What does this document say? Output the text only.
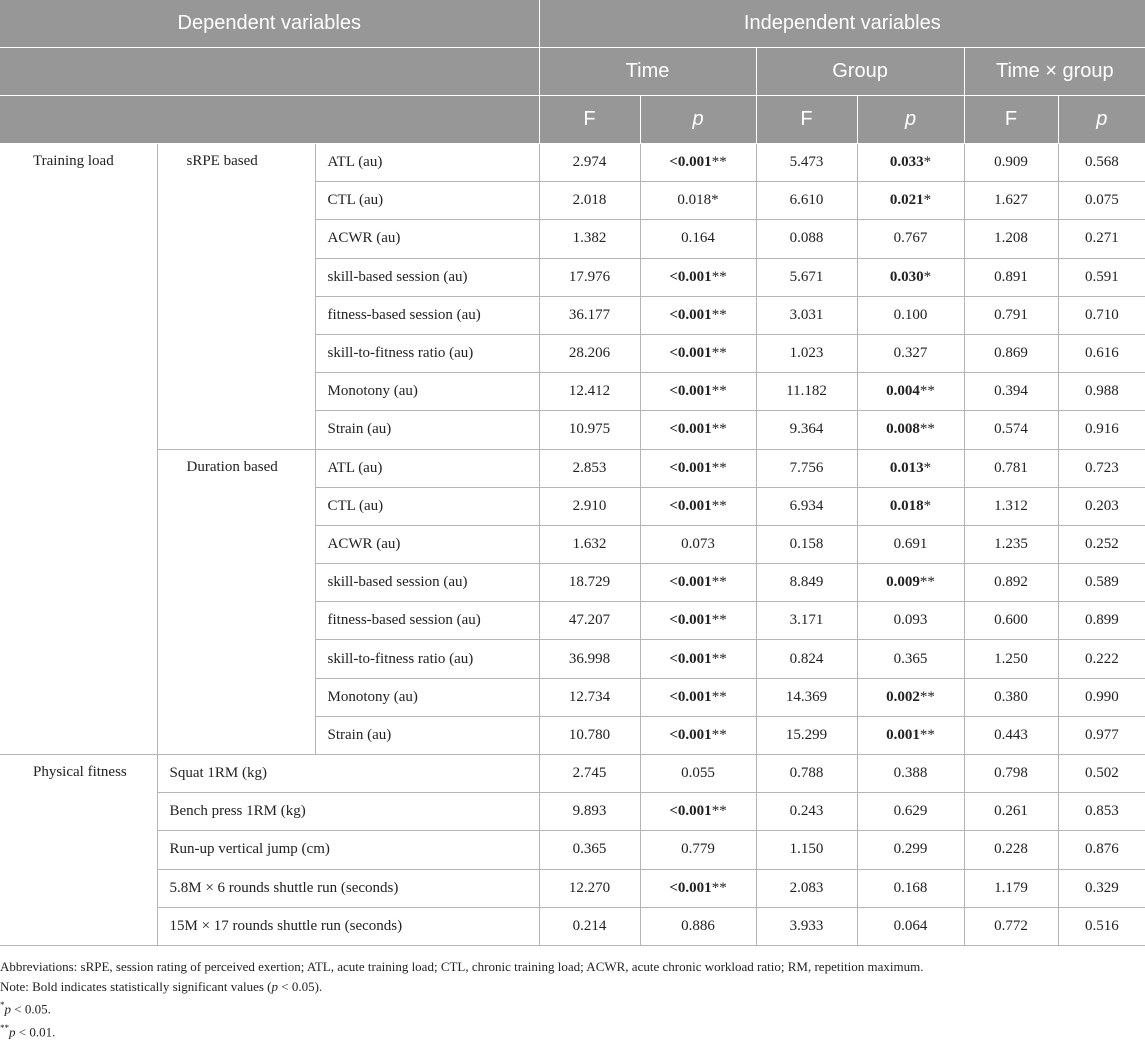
Dependent variables			Independent variables					
			Time		Group		Time × group	
			F	p	F	p	F	p
Training load	sRPE based	ATL (au)	2.974	<0.001**	5.473	0.033*	0.909	0.568
		CTL (au)	2.018	0.018*	6.610	0.021*	1.627	0.075
		ACWR (au)	1.382	0.164	0.088	0.767	1.208	0.271
		skill-based session (au)	17.976	<0.001**	5.671	0.030*	0.891	0.591
		fitness-based session (au)	36.177	<0.001**	3.031	0.100	0.791	0.710
		skill-to-fitness ratio (au)	28.206	<0.001**	1.023	0.327	0.869	0.616
		Monotony (au)	12.412	<0.001**	11.182	0.004**	0.394	0.988
		Strain (au)	10.975	<0.001**	9.364	0.008**	0.574	0.916
	Duration based	ATL (au)	2.853	<0.001**	7.756	0.013*	0.781	0.723
		CTL (au)	2.910	<0.001**	6.934	0.018*	1.312	0.203
		ACWR (au)	1.632	0.073	0.158	0.691	1.235	0.252
		skill-based session (au)	18.729	<0.001**	8.849	0.009**	0.892	0.589
		fitness-based session (au)	47.207	<0.001**	3.171	0.093	0.600	0.899
		skill-to-fitness ratio (au)	36.998	<0.001**	0.824	0.365	1.250	0.222
		Monotony (au)	12.734	<0.001**	14.369	0.002**	0.380	0.990
		Strain (au)	10.780	<0.001**	15.299	0.001**	0.443	0.977
Physical fitness	Squat 1RM (kg)		2.745	0.055	0.788	0.388	0.798	0.502
	Bench press 1RM (kg)		9.893	<0.001**	0.243	0.629	0.261	0.853
	Run-up vertical jump (cm)		0.365	0.779	1.150	0.299	0.228	0.876
	5.8M × 6 rounds shuttle run (seconds)		12.270	<0.001**	2.083	0.168	1.179	0.329
	15M × 17 rounds shuttle run (seconds)		0.214	0.886	3.933	0.064	0.772	0.516
Abbreviations: sRPE, session rating of perceived exertion; ATL, acute training load; CTL, chronic training load; ACWR, acute chronic workload ratio; RM, repetition maximum.
Note: Bold indicates statistically significant values (p < 0.05).
*p < 0.05.
**p < 0.01.
